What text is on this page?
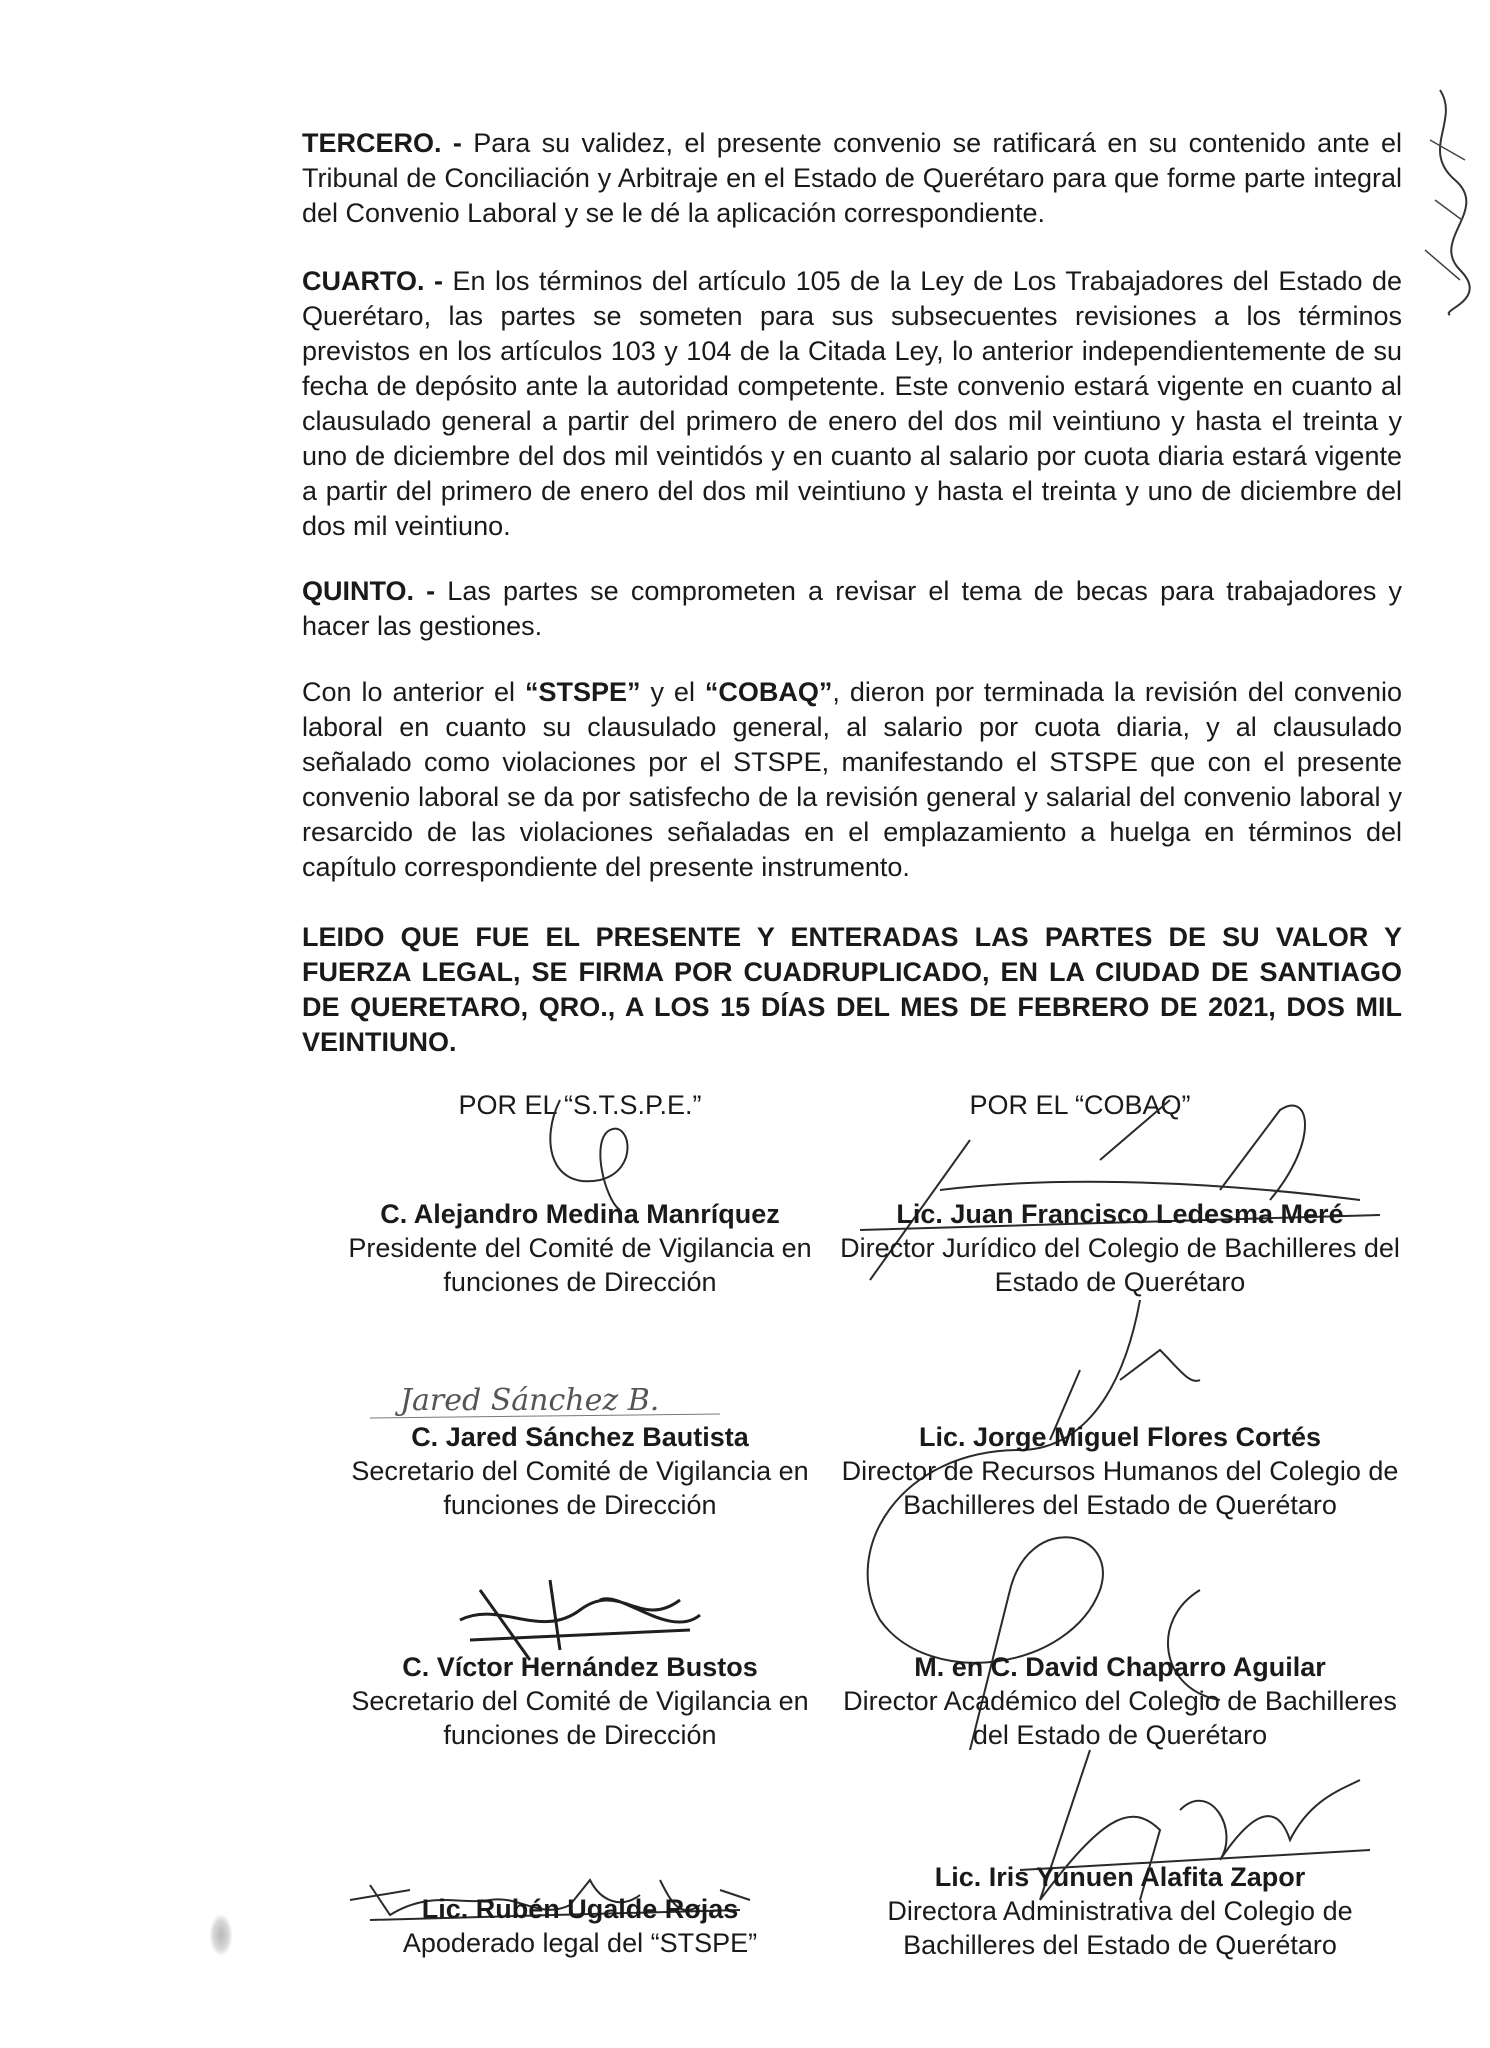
TERCERO. - Para su validez, el presente convenio se ratificará en su contenido ante el Tribunal de Conciliación y Arbitraje en el Estado de Querétaro para que forme parte integral del Convenio Laboral y se le dé la aplicación correspondiente.

CUARTO. - En los términos del artículo 105 de la Ley de Los Trabajadores del Estado de Querétaro, las partes se someten para sus subsecuentes revisiones a los términos previstos en los artículos 103 y 104 de la Citada Ley, lo anterior independientemente de su fecha de depósito ante la autoridad competente. Este convenio estará vigente en cuanto al clausulado general a partir del primero de enero del dos mil veintiuno y hasta el treinta y uno de diciembre del dos mil veintidós y en cuanto al salario por cuota diaria estará vigente a partir del primero de enero del dos mil veintiuno y hasta el treinta y uno de diciembre del dos mil veintiuno.

QUINTO. - Las partes se comprometen a revisar el tema de becas para trabajadores y hacer las gestiones.

Con lo anterior el “STSPE” y el “COBAQ”, dieron por terminada la revisión del convenio laboral en cuanto su clausulado general, al salario por cuota diaria, y al clausulado señalado como violaciones por el STSPE, manifestando el STSPE que con el presente convenio laboral se da por satisfecho de la revisión general y salarial del convenio laboral y resarcido de las violaciones señaladas en el emplazamiento a huelga en términos del capítulo correspondiente del presente instrumento.

LEIDO QUE FUE EL PRESENTE Y ENTERADAS LAS PARTES DE SU VALOR Y FUERZA LEGAL, SE FIRMA POR CUADRUPLICADO, EN LA CIUDAD DE SANTIAGO DE QUERETARO, QRO., A LOS 15 DÍAS DEL MES DE FEBRERO DE 2021, DOS MIL VEINTIUNO.

POR EL “S.T.S.P.E.”	POR EL “COBAQ”
Jared Sánchez B.
C. Alejandro Medina Manríquez
Presidente del Comité de Vigilancia en funciones de Dirección
C. Jared Sánchez Bautista
Secretario del Comité de Vigilancia en funciones de Dirección
C. Víctor Hernández Bustos
Secretario del Comité de Vigilancia en funciones de Dirección
Lic. Rubén Ugalde Rojas
Apoderado legal del “STSPE”
Lic. Juan Francisco Ledesma Meré
Director Jurídico del Colegio de Bachilleres del Estado de Querétaro
Lic. Jorge Miguel Flores Cortés
Director de Recursos Humanos del Colegio de Bachilleres del Estado de Querétaro
M. en C. David Chaparro Aguilar
Director Académico del Colegio de Bachilleres del Estado de Querétaro
Lic. Iris Yunuen Alafita Zapor
Directora Administrativa del Colegio de Bachilleres del Estado de Querétaro
